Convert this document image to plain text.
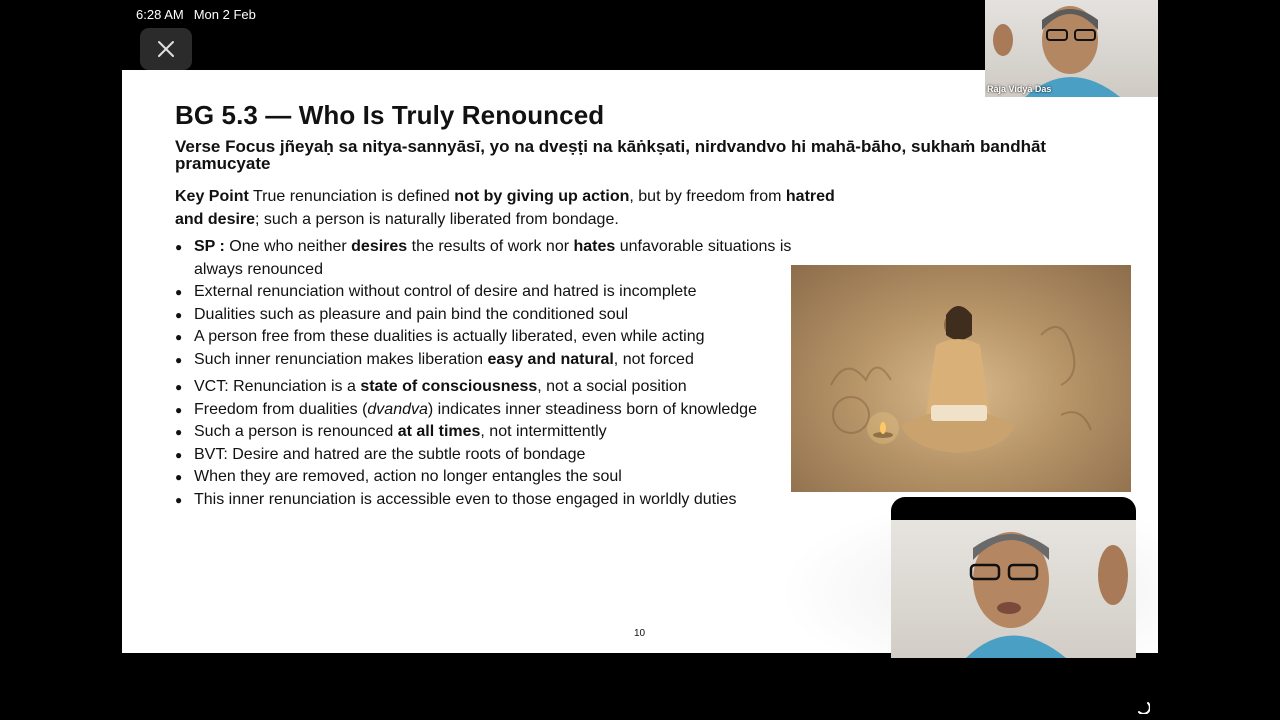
6:28 AM Mon 2 Feb
BG 5.3 — Who Is Truly Renounced
Verse Focus jñeyaḥ sa nitya-sannyāsī, yo na dveṣṭi na kāṅkṣati, nirdvandvo hi mahā-bāho, sukhaṁ bandhāt pramucyate
Key Point True renunciation is defined not by giving up action, but by freedom from hatred and desire; such a person is naturally liberated from bondage.
● SP : One who neither desires the results of work nor hates unfavorable situations is always renounced
● External renunciation without control of desire and hatred is incomplete
● Dualities such as pleasure and pain bind the conditioned soul
● A person free from these dualities is actually liberated, even while acting
● Such inner renunciation makes liberation easy and natural, not forced
● VCT: Renunciation is a state of consciousness, not a social position
● Freedom from dualities (dvandva) indicates inner steadiness born of knowledge
● Such a person is renounced at all times, not intermittently
● BVT: Desire and hatred are the subtle roots of bondage
● When they are removed, action no longer entangles the soul
● This inner renunciation is accessible even to those engaged in worldly duties
10
Rāja Vidyā Das
